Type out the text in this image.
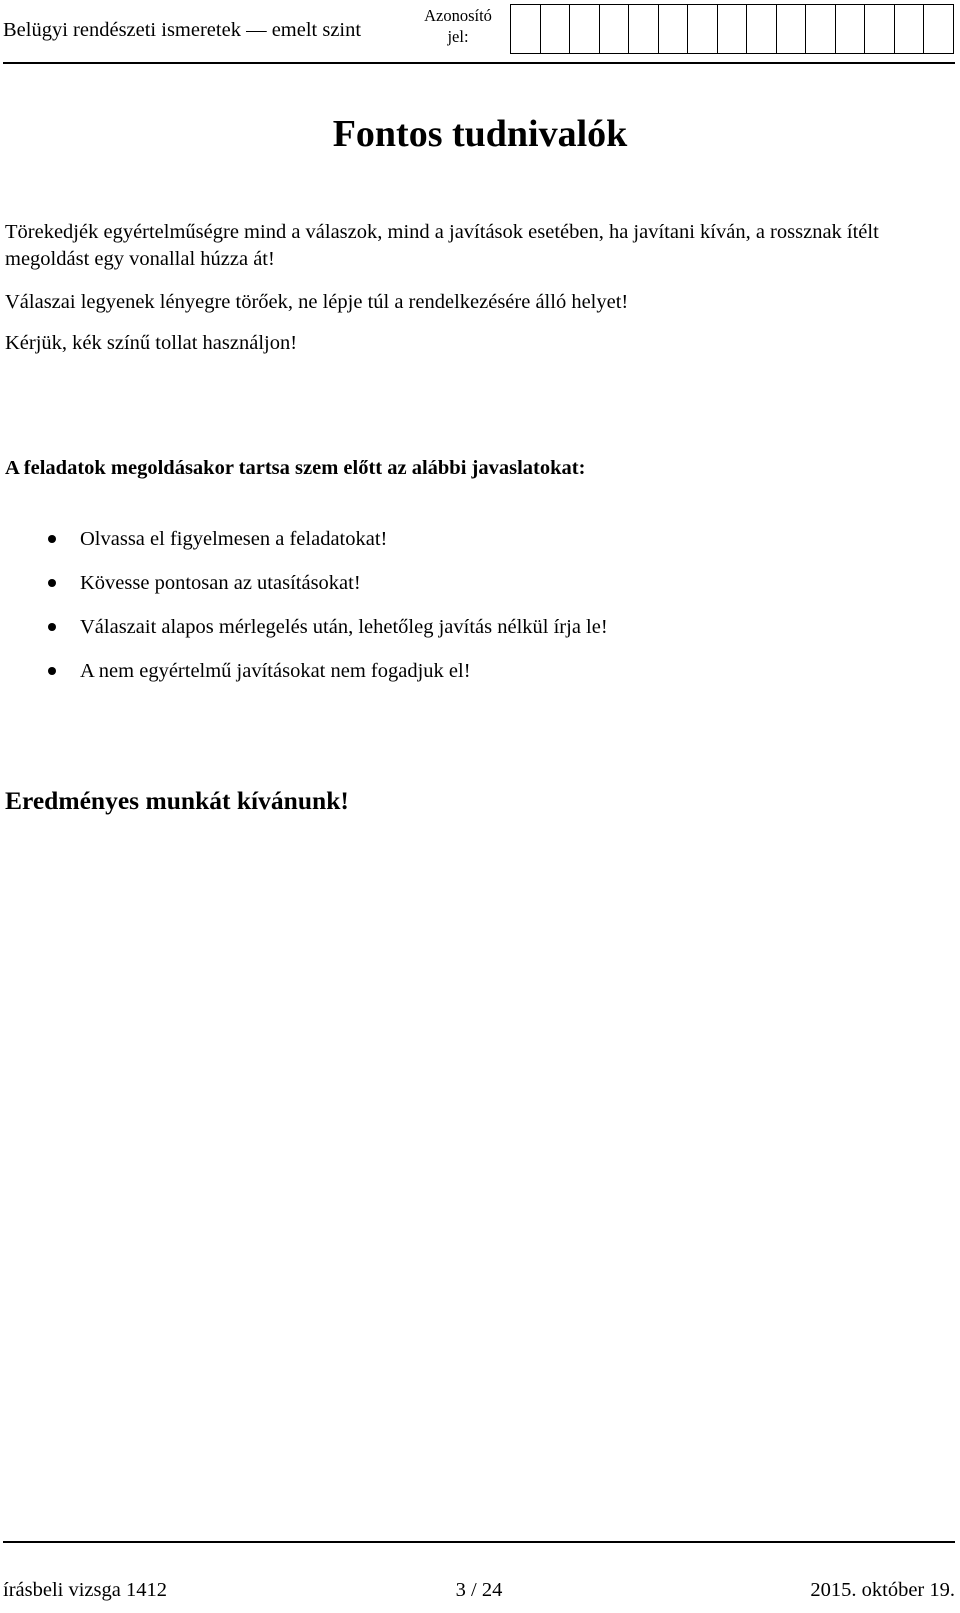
Belügyi rendészeti ismeretek — emelt szint
Azonosító
jel:
Fontos tudnivalók

Törekedjék egyértelműségre mind a válaszok, mind a javítások esetében, ha javítani kíván, a rossznak ítélt megoldást egy vonallal húzza át!

Válaszai legyenek lényegre törőek, ne lépje túl a rendelkezésére álló helyet!

Kérjük, kék színű tollat használjon!

A feladatok megoldásakor tartsa szem előtt az alábbi javaslatokat:
Olvassa el figyelmesen a feladatokat!
Kövesse pontosan az utasításokat!
Válaszait alapos mérlegelés után, lehetőleg javítás nélkül írja le!
A nem egyértelmű javításokat nem fogadjuk el!

Eredményes munkát kívánunk!

írásbeli vizsga 1412	3 / 24	2015. október 19.
